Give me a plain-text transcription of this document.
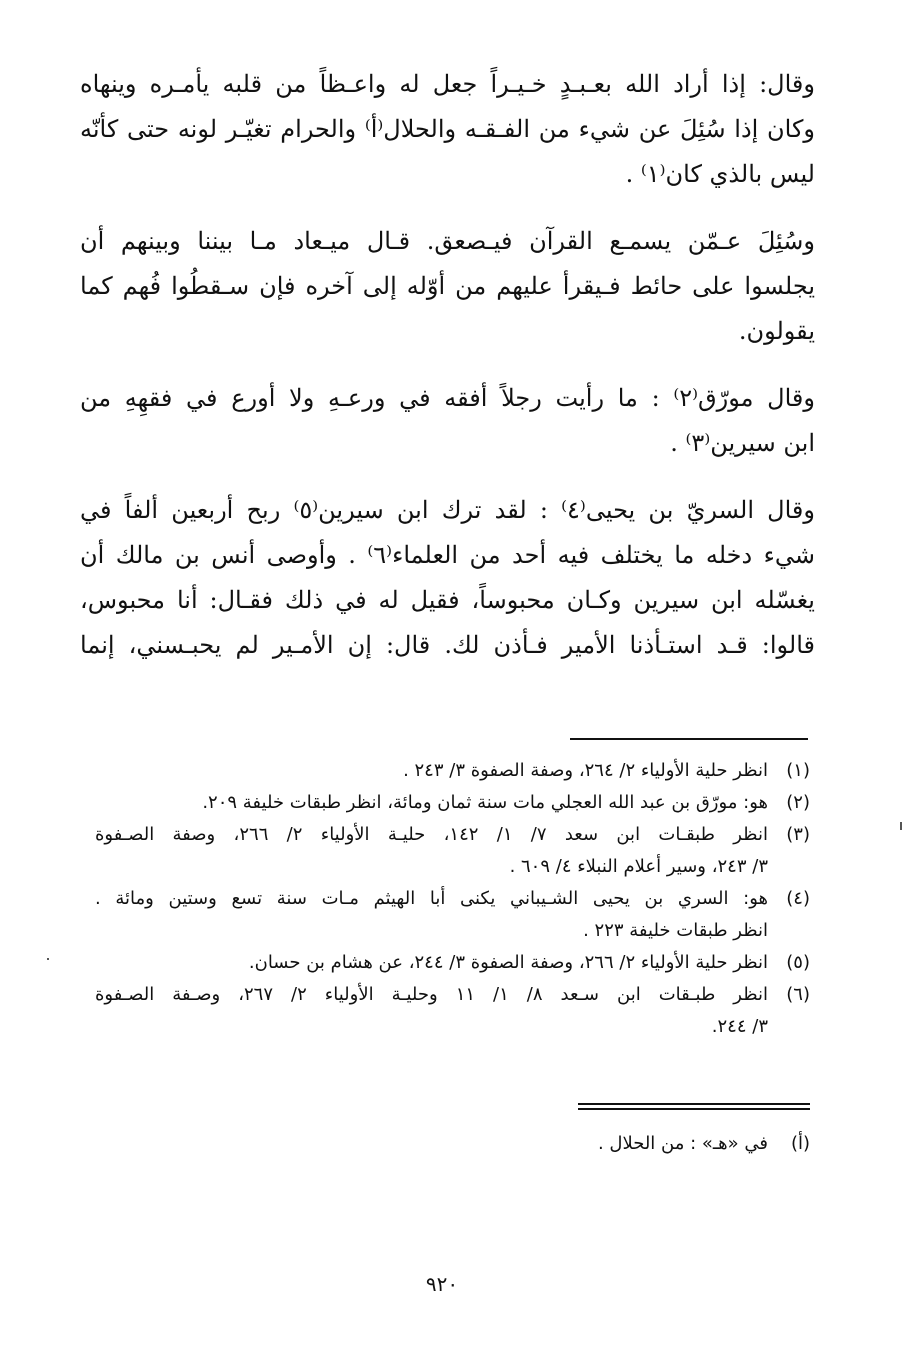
وقال: إذا أراد الله بعـبـدٍ خـيـراً جعل له واعـظاً من قلبه يأمـره وينهاه
وكان إذا سُئِلَ عن شيء من الفـقـه والحلال⁽أ⁾ والحرام تغيّـر لونه حتى كأنّه
ليس بالذي كان⁽١⁾ .
وسُئِلَ عـمّن يسمـع القرآن فيـصعق. قـال ميـعاد مـا بيننا وبينهم أن
يجلسوا على حائط فـيقرأ عليهم من أوّله إلى آخره فإن سـقطُوا فُهم كما
يقولون.
وقال مورّق⁽٢⁾ : ما رأيت رجلاً أفقه في ورعـهِ ولا أورع في فقهِهِ من
ابن سيرين⁽٣⁾ .
وقال السريّ بن يحيى⁽٤⁾ : لقد ترك ابن سيرين⁽٥⁾ ربح أربعين ألفاً في
شيء دخله ما يختلف فيه أحد من العلماء⁽٦⁾ . وأوصى أنس بن مالك أن
يغسّله ابن سيرين وكـان محبوساً، فقيل له في ذلك فقـال: أنا محبوس،
قالوا: قـد استـأذنا الأمير فـأذن لك. قال: إن الأمـير لم يحبـسني، إنما
(١)
انظر حلية الأولياء ٢/ ٢٦٤، وصفة الصفوة ٣/ ٢٤٣ .
(٢)
هو: مورّق بن عبد الله العجلي مات سنة ثمان ومائة، انظر طبقات خليفة ٢٠٩.
(٣)
انظر طبقـات ابن سعد ٧/ ١/ ١٤٢، حليـة الأولياء ٢/ ٢٦٦، وصفة الصـفوة
٣/ ٢٤٣، وسير أعلام النبلاء ٤/ ٦٠٩ .
(٤)
هو: السري بن يحيى الشـيباني يكنى أبا الهيثم مـات سنة تسع وستين ومائة .
انظر طبقات خليفة ٢٢٣ .
(٥)
انظر حلية الأولياء ٢/ ٢٦٦، وصفة الصفوة ٣/ ٢٤٤، عن هشام بن حسان.
(٦)
انظر طبـقات ابن سـعد ٨/ ١/ ١١ وحليـة الأولياء ٢/ ٢٦٧، وصـفة الصـفوة
٣/ ٢٤٤.
(أ)
في «هـ» : من الحلال .
٩٢٠
